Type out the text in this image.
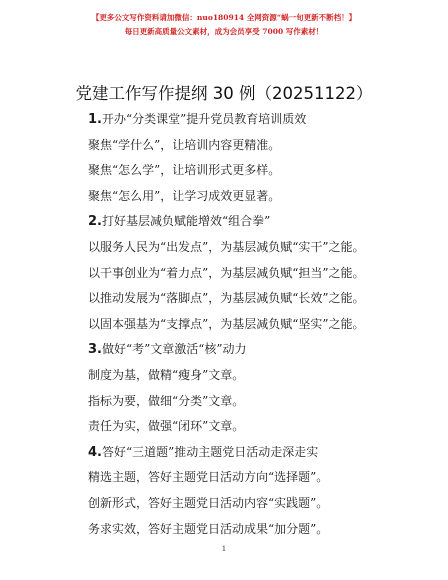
【更多公文写作资料请加微信：nuo180914 全网资源“蜗一旬更新不断档！】
每日更新高质量公文素材，成为会员享受 7000 写作素材！
党建工作写作提纲 30 例（20251122）
1.开办“分类课堂”提升党员教育培训质效
聚焦“学什么”，让培训内容更精准。
聚焦“怎么学”，让培训形式更多样。
聚焦“怎么用”，让学习成效更显著。
2.打好基层减负赋能增效“组合拳”
以服务人民为“出发点”，为基层减负赋“实干”之能。
以干事创业为“着力点”，为基层减负赋“担当”之能。
以推动发展为“落脚点”，为基层减负赋“长效”之能。
以固本强基为“支撑点”，为基层减负赋“坚实”之能。
3.做好“考”文章激活“核”动力
制度为基，做精“瘦身”文章。
指标为要，做细“分类”文章。
责任为实，做强“闭环”文章。
4.答好“三道题”推动主题党日活动走深走实
精选主题，答好主题党日活动方向“选择题”。
创新形式，答好主题党日活动内容“实践题”。
务求实效，答好主题党日活动成果“加分题”。
1
